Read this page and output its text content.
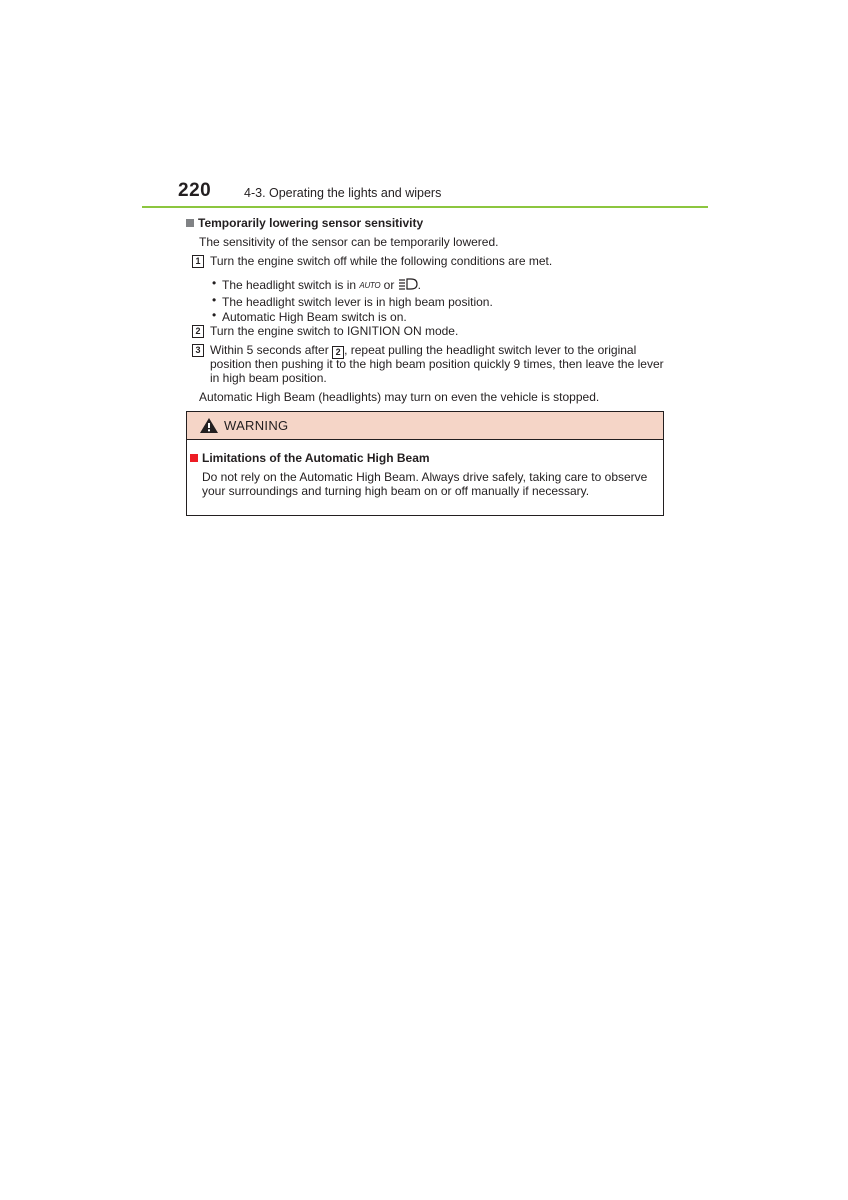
220	4-3. Operating the lights and wipers
Temporarily lowering sensor sensitivity
The sensitivity of the sensor can be temporarily lowered.
1 Turn the engine switch off while the following conditions are met.
• The headlight switch is in AUTO or .
• The headlight switch lever is in high beam position.
• Automatic High Beam switch is on.
2 Turn the engine switch to IGNITION ON mode.
3 Within 5 seconds after 2 , repeat pulling the headlight switch lever to the original
position then pushing it to the high beam position quickly 9 times, then leave the lever
in high beam position.
Automatic High Beam (headlights) may turn on even the vehicle is stopped.
WARNING
Limitations of the Automatic High Beam
Do not rely on the Automatic High Beam. Always drive safely, taking care to observe
your surroundings and turning high beam on or off manually if necessary.
